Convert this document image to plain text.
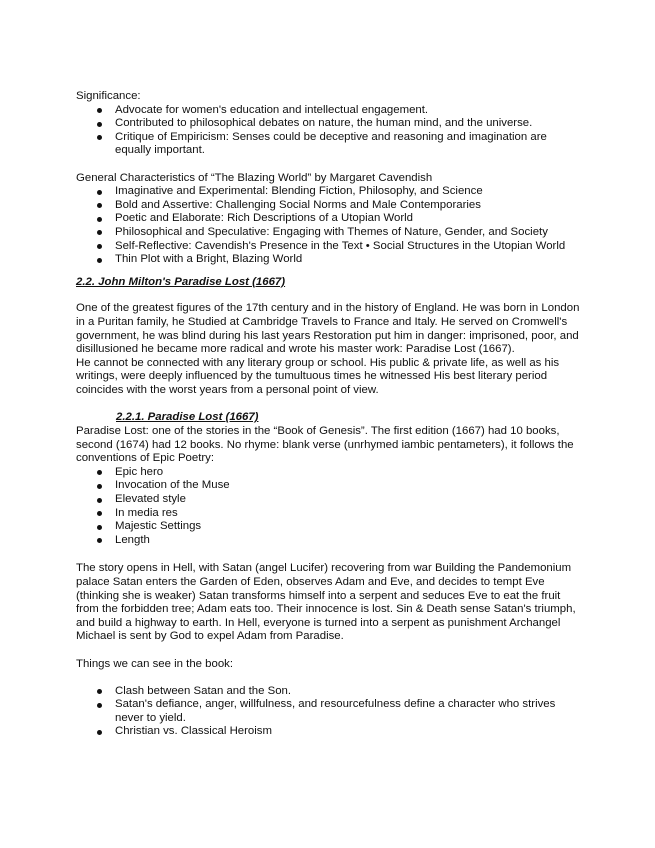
Significance:

Advocate for women's education and intellectual engagement.
Contributed to philosophical debates on nature, the human mind, and the universe.
Critique of Empiricism: Senses could be deceptive and reasoning and imagination are equally important.

General Characteristics of “The Blazing World” by Margaret Cavendish

Imaginative and Experimental: Blending Fiction, Philosophy, and Science
Bold and Assertive: Challenging Social Norms and Male Contemporaries
Poetic and Elaborate: Rich Descriptions of a Utopian World
Philosophical and Speculative: Engaging with Themes of Nature, Gender, and Society
Self-Reflective: Cavendish's Presence in the Text • Social Structures in the Utopian World
Thin Plot with a Bright, Blazing World

2.2. John Milton's Paradise Lost (1667)

One of the greatest figures of the 17th century and in the history of England. He was born in London in a Puritan family, he Studied at Cambridge Travels to France and Italy. He served on Cromwell's government, he was blind during his last years Restoration put him in danger: imprisoned, poor, and disillusioned he became more radical and wrote his master work: Paradise Lost (1667).

He cannot be connected with any literary group or school. His public & private life, as well as his writings, were deeply influenced by the tumultuous times he witnessed His best literary period coincides with the worst years from a personal point of view.

2.2.1. Paradise Lost (1667)

Paradise Lost: one of the stories in the “Book of Genesis”. The first edition (1667) had 10 books, second (1674) had 12 books. No rhyme: blank verse (unrhymed iambic pentameters), it follows the conventions of Epic Poetry:

Epic hero
Invocation of the Muse
Elevated style
In media res
Majestic Settings
Length

The story opens in Hell, with Satan (angel Lucifer) recovering from war Building the Pandemonium palace Satan enters the Garden of Eden, observes Adam and Eve, and decides to tempt Eve (thinking she is weaker) Satan transforms himself into a serpent and seduces Eve to eat the fruit from the forbidden tree; Adam eats too. Their innocence is lost. Sin & Death sense Satan's triumph, and build a highway to earth. In Hell, everyone is turned into a serpent as punishment Archangel Michael is sent by God to expel Adam from Paradise.

Things we can see in the book:

Clash between Satan and the Son.
Satan's defiance, anger, willfulness, and resourcefulness define a character who strives never to yield.
Christian vs. Classical Heroism
